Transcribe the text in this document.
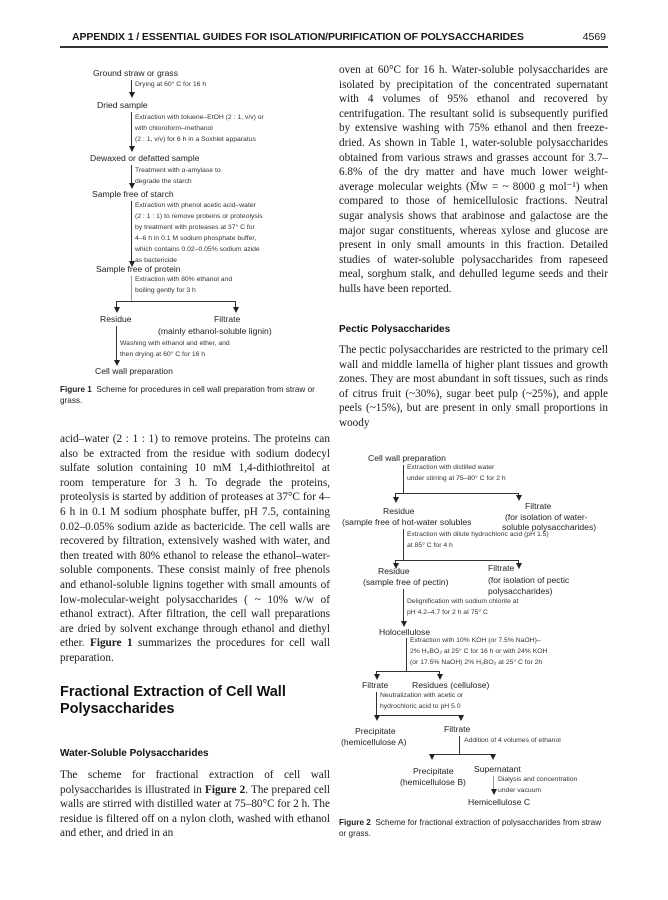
APPENDIX 1 / ESSENTIAL GUIDES FOR ISOLATION/PURIFICATION OF POLYSACCHARIDES	4569
Ground straw or grass
Drying at 60° C for 16 h
Dried sample
Extraction with toluene–EtOH (2 : 1, v/v) or
with chloroform–methanol
(2 : 1, v/v) for 6 h in a Soxhlet apparatus
Dewaxed or defatted sample
Treatment with α-amylase to
degrade the starch
Sample free of starch
Extraction with phenol acetic acid–water
(2 : 1 : 1) to remove proteins or proteolysis
by treatment with proteases at 37° C for
4–6 h in 0.1 M sodium phosphate buffer,
which contains 0.02–0.05% sodium azide
as bactericide
Sample free of protein
Extraction with 80% ethanol and
boiling gently for 3 h
Residue	Filtrate
(mainly ethanol-soluble lignin)
Washing with ethanol and ether, and
then drying at 60° C for 16 h
Cell wall preparation
Figure 1 Scheme for procedures in cell wall preparation from straw or grass.
acid–water (2 : 1 : 1) to remove proteins. The proteins can also be extracted from the residue with sodium dodecyl sulfate solution containing 10 mM 1,4-dithiothreitol at room temperature for 3 h. To degrade the proteins, proteolysis is started by addition of proteases at 37°C for 4–6 h in 0.1 M sodium phosphate buffer, pH 7.5, containing 0.02–0.05% sodium azide as bactericide. The cell walls are recovered by filtration, extensively washed with water, and then treated with 80% ethanol to release the ethanol–water-soluble components. These consist mainly of free phenols and ethanol-soluble lignins together with small amounts of low-molecular-weight polysaccharides ( ~ 10% w/w of ethanol extract). After filtration, the cell wall preparations are dried by solvent exchange through ethanol and diethyl ether. Figure 1 summarizes the procedures for cell wall preparation.
Fractional Extraction of Cell Wall Polysaccharides
Water-Soluble Polysaccharides
The scheme for fractional extraction of cell wall polysaccharides is illustrated in Figure 2. The prepared cell walls are stirred with distilled water at 75–80°C for 2 h. The residue is filtered off on a nylon cloth, washed with ethanol and ether, and dried in an
oven at 60°C for 16 h. Water-soluble polysaccharides are isolated by precipitation of the concentrated supernatant with 4 volumes of 95% ethanol and recovered by centrifugation. The resultant solid is subsequently purified by extensive washing with 75% ethanol and then freeze-dried. As shown in Table 1, water-soluble polysaccharides obtained from various straws and grasses account for 3.7–6.8% of the dry matter and have much lower weight-average molecular weights (M̄w = ~ 8000 g mol⁻¹) when compared to those of hemicellulosic fractions. Neutral sugar analysis shows that arabinose and galactose are the major sugar constituents, whereas xylose and glucose are present in only small amounts in this fraction. Detailed studies of water-soluble polysaccharides from rapeseed meal, sorghum stalk, and dehulled legume seeds and their hulls have been reported.
Pectic Polysaccharides
The pectic polysaccharides are restricted to the primary cell wall and middle lamella of higher plant tissues and growth zones. They are most abundant in soft tissues, such as rinds of citrus fruit (~30%), sugar beet pulp (~25%), and apple peels (~15%), but are present in only small proportions in woody
Cell wall preparation
Extraction with distilled water
under stirring at 75–80° C for 2 h
Filtrate
Residue
(for isolation of water-
(sample free of hot-water solubles	soluble polysaccharides)
Extraction with dilute hydrochloric acid (pH 1.5)
at 85° C for 4 h
Residue	Filtrate
(sample free of pectin)	(for isolation of pectic
polysaccharides)
Delignification with sodium chlorite at
pH 4.2–4.7 for 2 h at 75° C
Holocellulose
Extraction with 10% KOH (or 7.5% NaOH)–
2% H₃BO₃ at 25° C for 16 h or with 24% KOH
(or 17.5% NaOH) 2% H₃BO₃ at 25° C for 2h
Filtrate	Residues (cellulose)
Neutralization with acetic or
hydrochloric acid to pH 5.0
Precipitate	Filtrate
(hemicellulose A)	Addition of 4 volumes of ethanol
Precipitate Supernatant
(hemicellulose B)	Dialysis and concentration
under vacuum
Hemicellulose C
Figure 2 Scheme for fractional extraction of polysaccharides from straw or grass.
